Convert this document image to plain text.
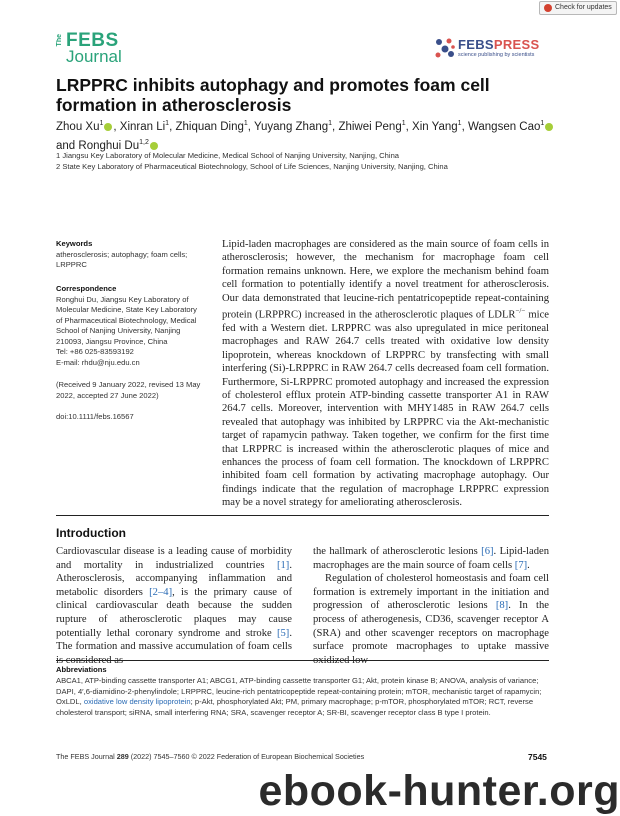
Check for updates
The FEBS
Journal
FEBSPRESS
science publishing by scientists
LRPPRC inhibits autophagy and promotes foam cell
formation in atherosclerosis
Zhou Xu$^1$ , Xinran Li$^1$, Zhiquan Ding$^1$, Yuyang Zhang$^1$, Zhiwei Peng$^1$, Xin Yang$^1$, Wangsen Cao$^1$ and Ronghui Du$^{1,2}$
1 Jiangsu Key Laboratory of Molecular Medicine, Medical School of Nanjing University, Nanjing, China
2 State Key Laboratory of Pharmaceutical Biotechnology, School of Life Sciences, Nanjing University, Nanjing, China
Keywords
atherosclerosis; autophagy; foam cells;
LRPPRC
Correspondence
Ronghui Du, Jiangsu Key Laboratory of
Molecular Medicine, State Key Laboratory
of Pharmaceutical Biotechnology, Medical
School of Nanjing University, Nanjing
210093, Jiangsu Province, China
Tel: +86 025-83593192
E-mail: rhdu@nju.edu.cn
(Received 9 January 2022, revised 13 May
2022, accepted 27 June 2022)
doi:10.1111/febs.16567

Lipid-laden macrophages are considered as the main source of foam cells in atherosclerosis; however, the mechanism for macrophage foam cell formation remains unknown. Here, we explore the mechanism behind foam cell formation to potentially identify a novel treatment for atherosclerosis. Our data demonstrated that leucine-rich pentatricopeptide repeat-containing protein (LRPPRC) increased in the atherosclerotic plaques of LDLR−/− mice fed with a Western diet. LRPPRC was also upregulated in mice peritoneal macrophages and RAW 264.7 cells treated with oxidative low density lipoprotein, whereas knockdown of LRPPRC by transfecting with small interfering (Si)-LRPPRC in RAW 264.7 cells decreased foam cell formation. Furthermore, Si-LRPPRC promoted autophagy and increased the expression of cholesterol efflux protein ATP-binding cassette transporter A1 in RAW 264.7 cells. Moreover, intervention with MHY1485 in RAW 264.7 cells revealed that autophagy was inhibited by LRPPRC via the Akt-mechanistic target of rapamycin pathway. Taken together, we confirm for the first time that LRPPRC is increased within the atherosclerotic plaques of mice and enhances the process of foam cell formation. The knockdown of LRPPRC inhibited foam cell formation by activating macrophage autophagy. Our findings indicate that the regulation of macrophage LRPPRC expression may be a novel strategy for ameliorating atherosclerosis.

Introduction

Cardiovascular disease is a leading cause of morbidity and mortality in industrialized countries [1]. Atherosclerosis, accompanying inflammation and metabolic disorders [2–4], is the primary cause of clinical cardiovascular death because the sudden rupture of atherosclerotic plaques may cause potentially lethal coronary syndrome and stroke [5]. The formation and massive accumulation of foam cells is considered as

the hallmark of atherosclerotic lesions [6]. Lipid-laden macrophages are the main source of foam cells [7].

Regulation of cholesterol homeostasis and foam cell formation is extremely important in the initiation and progression of atherosclerotic lesions [8]. In the process of atherogenesis, CD36, scavenger receptor A (SRA) and other scavenger receptors on macrophage surface promote macrophages to uptake massive oxidized low-

Abbreviations

ABCA1, ATP-binding cassette transporter A1; ABCG1, ATP-binding cassette transporter G1; Akt, protein kinase B; ANOVA, analysis of variance; DAPI, 4′,6-diamidino-2-phenylindole; LRPPRC, leucine-rich pentatricopeptide repeat-containing protein; mTOR, mechanistic target of rapamycin; OxLDL, oxidative low density lipoprotein; p-Akt, phosphorylated Akt; PM, primary macrophage; p-mTOR, phosphorylated mTOR; RCT, reverse cholesterol transport; siRNA, small interfering RNA; SRA, scavenger receptor A; SR-BI, scavenger receptor class B type I protein.

The FEBS Journal 289 (2022) 7545–7560 © 2022 Federation of European Biochemical Societies	7545
ebook-hunter.org
